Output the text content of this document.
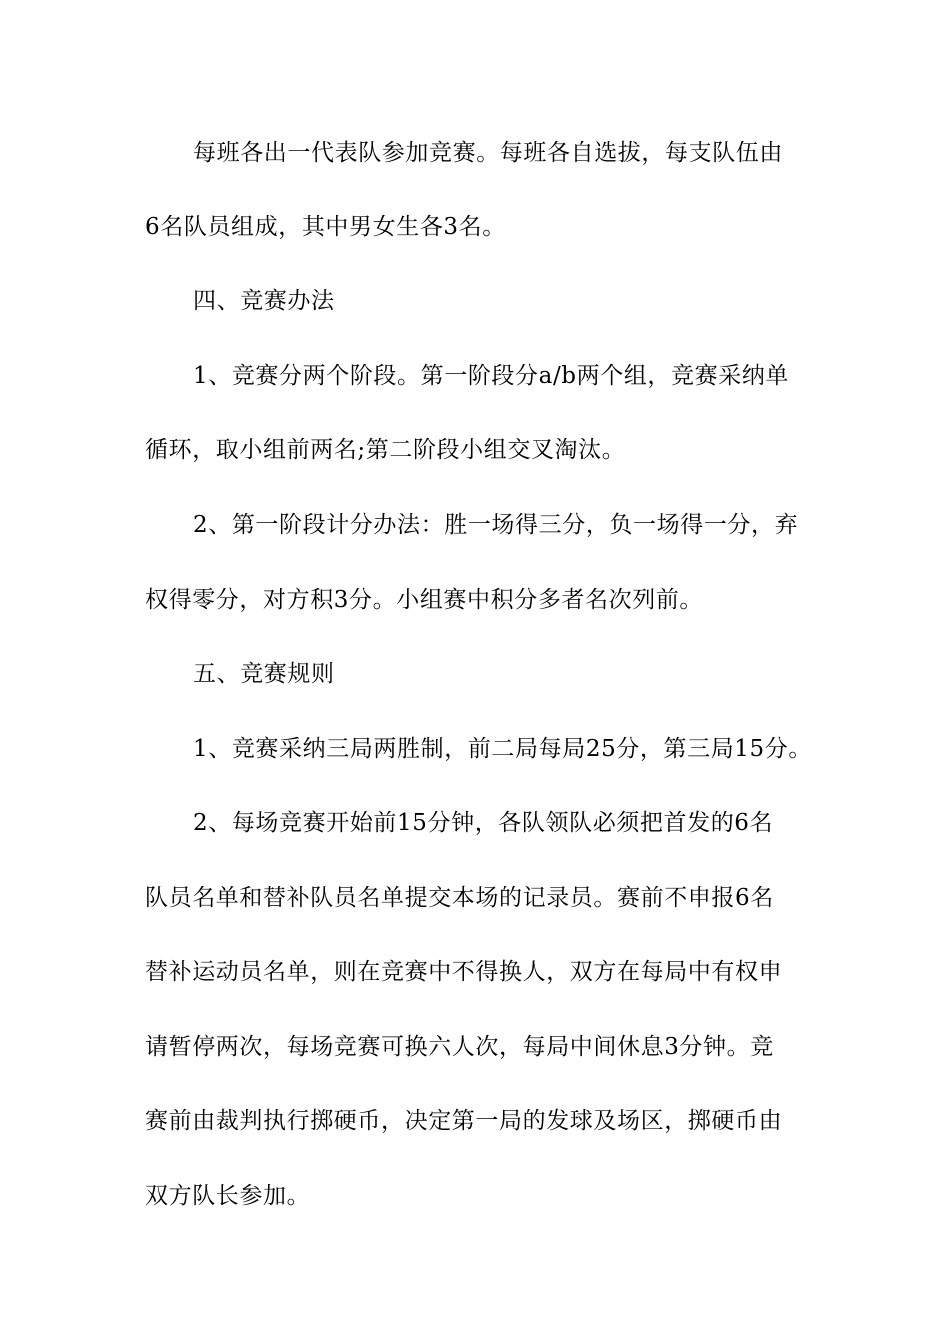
每班各出一代表队参加竞赛。每班各自选拔，每支队伍由
6名队员组成，其中男女生各3名。
四、竞赛办法
1、竞赛分两个阶段。第一阶段分a/b两个组，竞赛采纳单
循环，取小组前两名;第二阶段小组交叉淘汰。
2、第一阶段计分办法：胜一场得三分，负一场得一分，弃
权得零分，对方积3分。小组赛中积分多者名次列前。
五、竞赛规则
1、竞赛采纳三局两胜制，前二局每局25分，第三局15分。
2、每场竞赛开始前15分钟，各队领队必须把首发的6名
队员名单和替补队员名单提交本场的记录员。赛前不申报6名
替补运动员名单，则在竞赛中不得换人，双方在每局中有权申
请暂停两次，每场竞赛可换六人次，每局中间休息3分钟。竞
赛前由裁判执行掷硬币，决定第一局的发球及场区，掷硬币由
双方队长参加。
